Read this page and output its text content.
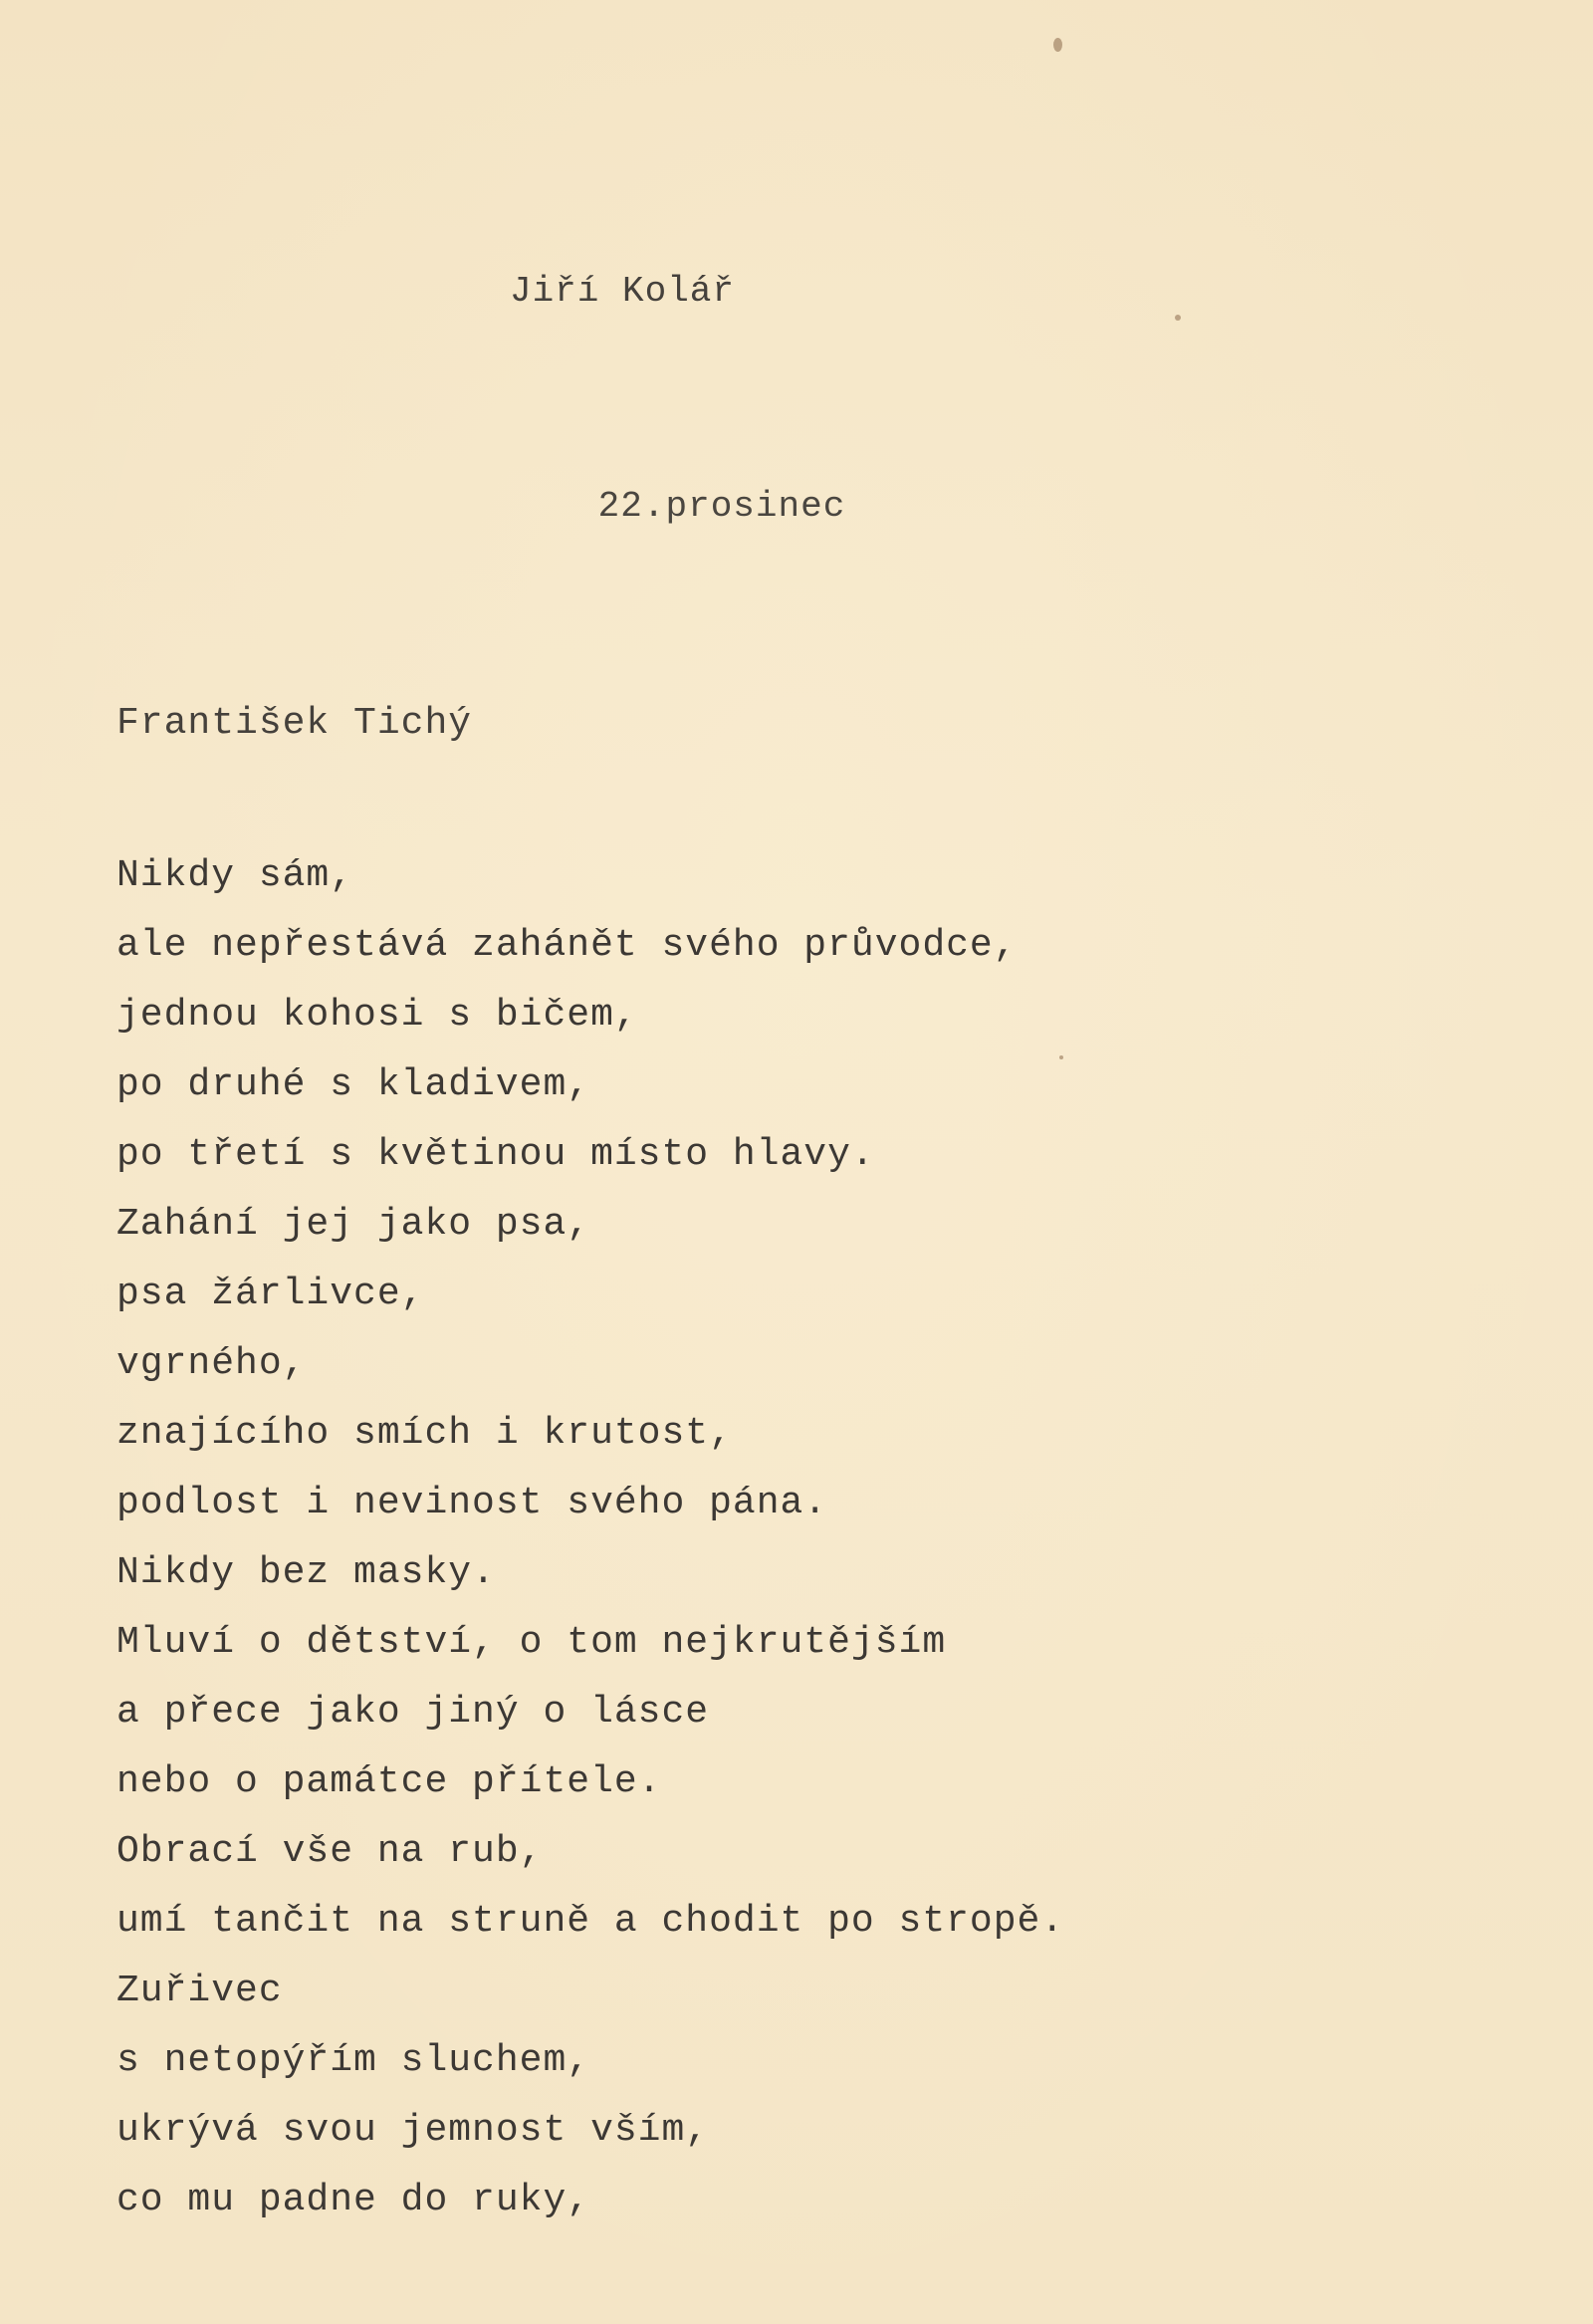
Jiří Kolář
22.prosinec
František Tichý
Nikdy sám,
ale nepřestává zahánět svého průvodce,
jednou kohosi s bičem,
po druhé s kladivem,
po třetí s květinou místo hlavy.
Zahání jej jako psa,
psa žárlivce,
vgrného,
znajícího smích i krutost,
podlost i nevinost svého pána.
Nikdy bez masky.
Mluví o dětství, o tom nejkrutějším
a přece jako jiný o lásce
nebo o památce přítele.
Obrací vše na rub,
umí tančit na struně a chodit po stropě.
Zuřivec
s netopýřím sluchem,
ukrývá svou jemnost vším,
co mu padne do ruky,
